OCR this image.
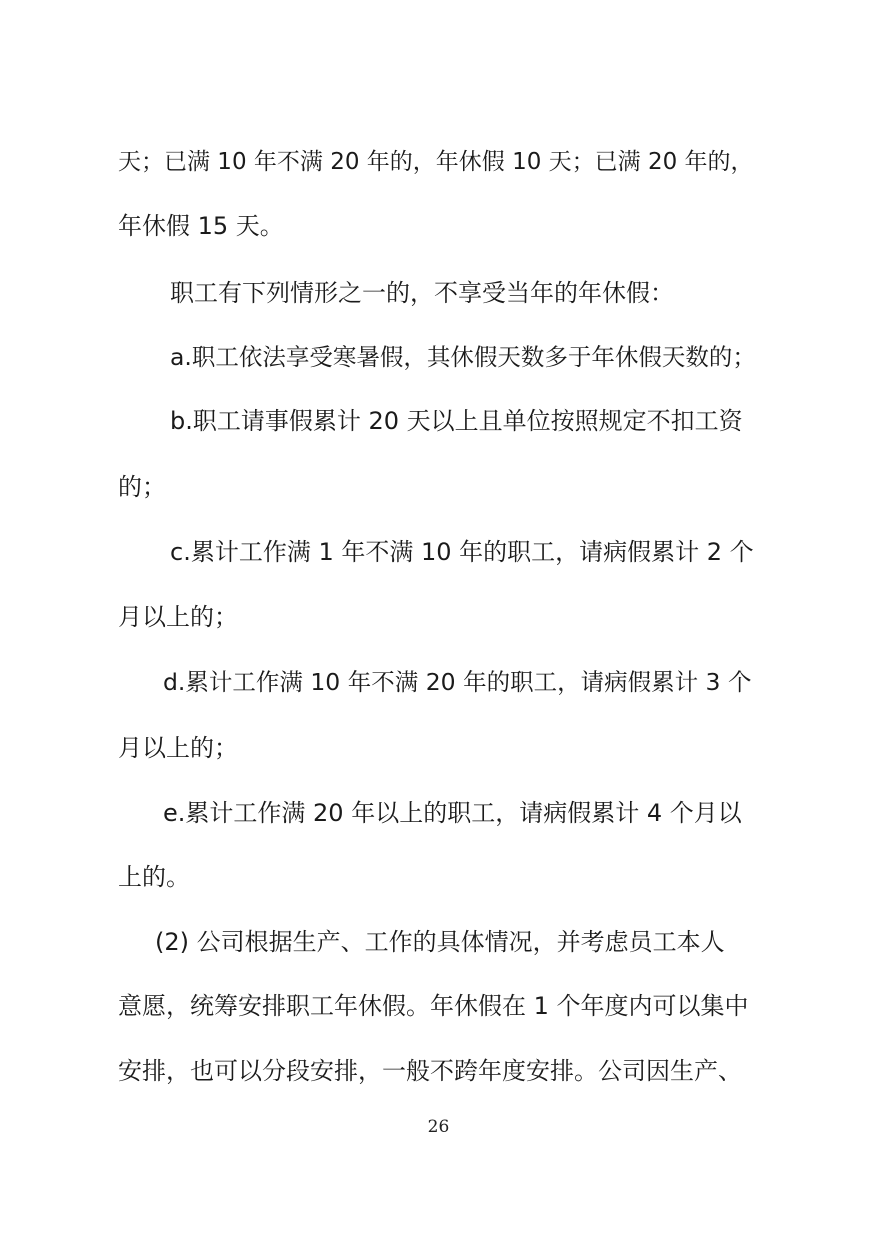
天；已满 10 年不满 20 年的，年休假 10 天；已满 20 年的，
年休假 15 天。
职工有下列情形之一的，不享受当年的年休假：
a.职工依法享受寒暑假，其休假天数多于年休假天数的；
b.职工请事假累计 20 天以上且单位按照规定不扣工资
的；
c.累计工作满 1 年不满 10 年的职工，请病假累计 2 个
月以上的；
d.累计工作满 10 年不满 20 年的职工，请病假累计 3 个
月以上的；
e.累计工作满 20 年以上的职工，请病假累计 4 个月以
上的。
(2) 公司根据生产、工作的具体情况，并考虑员工本人
意愿，统筹安排职工年休假。年休假在 1 个年度内可以集中
安排，也可以分段安排，一般不跨年度安排。公司因生产、
26
